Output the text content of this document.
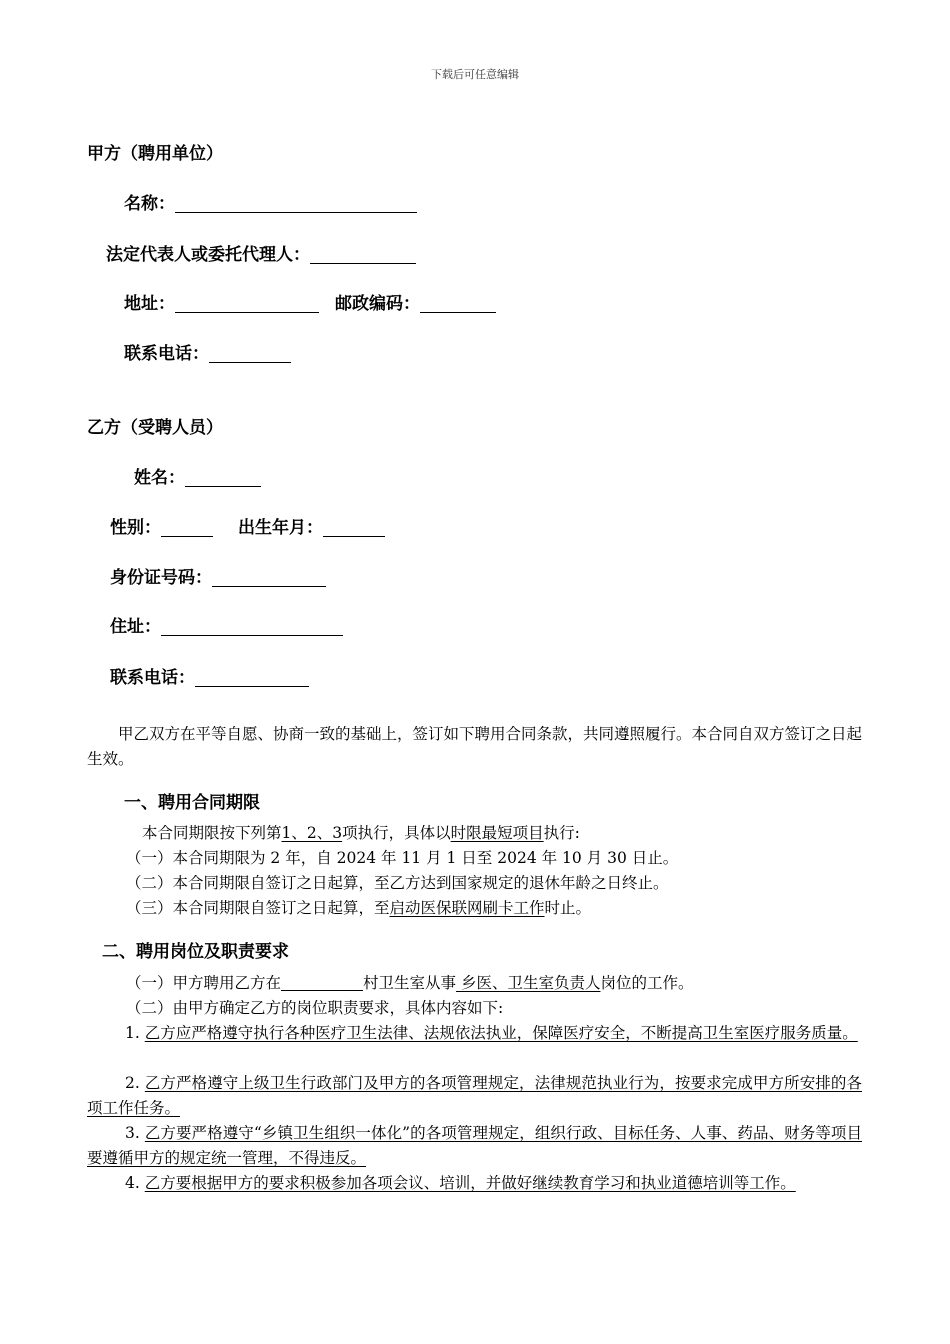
下载后可任意编辑
甲方（聘用单位）
名称：
法定代表人或委托代理人：
地址：	邮政编码：
联系电话：
乙方（受聘人员）
姓名：
性别：	出生年月：
身份证号码：
住址：
联系电话：
甲乙双方在平等自愿、协商一致的基础上，签订如下聘用合同条款，共同遵照履行。本合同自双方签订之日起生效。
一、聘用合同期限
本合同期限按下列第1、2、3项执行，具体以时限最短项目执行:
（一）本合同期限为 2 年，自 2024 年 11 月 1 日至 2024 年 10 月 30 日止。
（二）本合同期限自签订之日起算，至乙方达到国家规定的退休年龄之日终止。
（三）本合同期限自签订之日起算，至启动医保联网刷卡工作时止。
二、聘用岗位及职责要求
（一）甲方聘用乙方在	村卫生室从事 乡医、卫生室负责人岗位的工作。
（二）由甲方确定乙方的岗位职责要求，具体内容如下:
1. 乙方应严格遵守执行各种医疗卫生法律、法规依法执业，保障医疗安全，不断提高卫生室医疗服务质量。
2. 乙方严格遵守上级卫生行政部门及甲方的各项管理规定，法律规范执业行为，按要求完成甲方所安排的各项工作任务。
3. 乙方要严格遵守“乡镇卫生组织一体化”的各项管理规定，组织行政、目标任务、人事、药品、财务等项目要遵循甲方的规定统一管理，不得违反。
4. 乙方要根据甲方的要求积极参加各项会议、培训，并做好继续教育学习和执业道德培训等工作。
